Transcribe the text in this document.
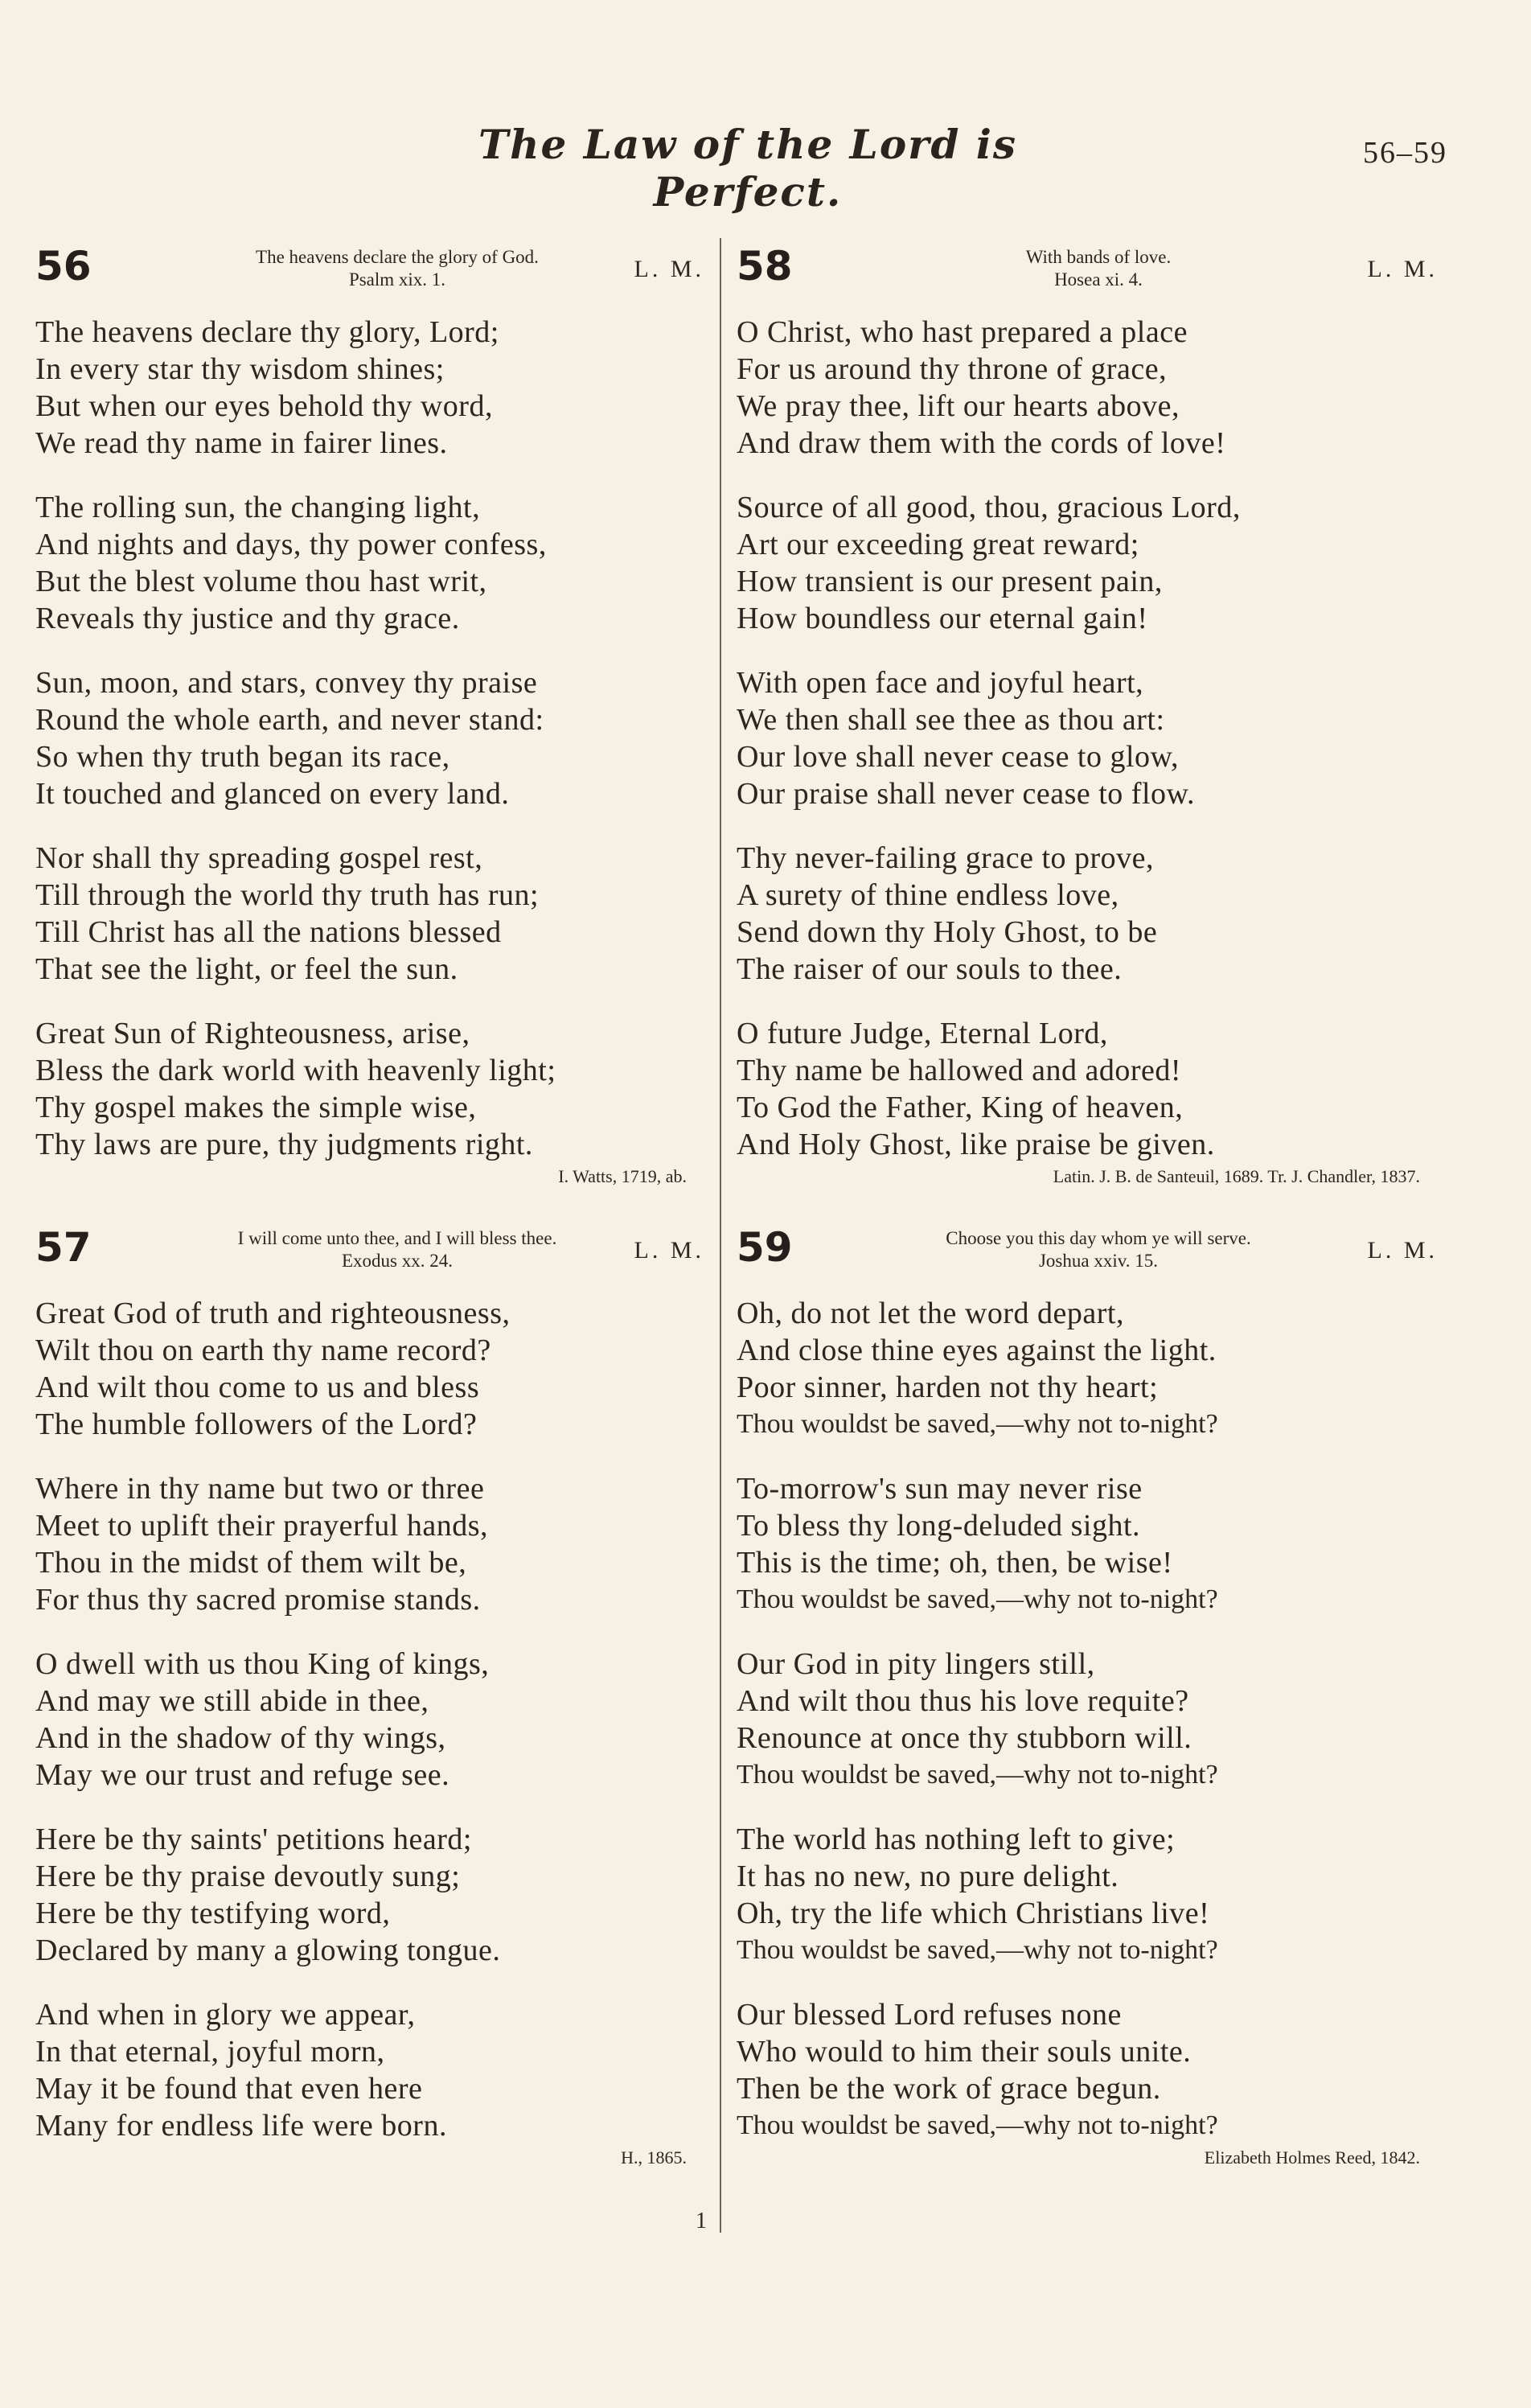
The Law of the Lord is Perfect.
56–59
56	The heavens declare the glory of God.
Psalm xix. 1.	L. M.
The heavens declare thy glory, Lord;
In every star thy wisdom shines;
But when our eyes behold thy word,
We read thy name in fairer lines.
The rolling sun, the changing light,
And nights and days, thy power confess,
But the blest volume thou hast writ,
Reveals thy justice and thy grace.
Sun, moon, and stars, convey thy praise
Round the whole earth, and never stand:
So when thy truth began its race,
It touched and glanced on every land.
Nor shall thy spreading gospel rest,
Till through the world thy truth has run;
Till Christ has all the nations blessed
That see the light, or feel the sun.
Great Sun of Righteousness, arise,
Bless the dark world with heavenly light;
Thy gospel makes the simple wise,
Thy laws are pure, thy judgments right.
I. Watts, 1719, ab.
57	I will come unto thee, and I will bless thee.
Exodus xx. 24.	L. M.
Great God of truth and righteousness,
Wilt thou on earth thy name record?
And wilt thou come to us and bless
The humble followers of the Lord?
Where in thy name but two or three
Meet to uplift their prayerful hands,
Thou in the midst of them wilt be,
For thus thy sacred promise stands.
O dwell with us thou King of kings,
And may we still abide in thee,
And in the shadow of thy wings,
May we our trust and refuge see.
Here be thy saints' petitions heard;
Here be thy praise devoutly sung;
Here be thy testifying word,
Declared by many a glowing tongue.
And when in glory we appear,
In that eternal, joyful morn,
May it be found that even here
Many for endless life were born.
H., 1865.
58	With bands of love.
Hosea xi. 4.	L. M.
O Christ, who hast prepared a place
For us around thy throne of grace,
We pray thee, lift our hearts above,
And draw them with the cords of love!
Source of all good, thou, gracious Lord,
Art our exceeding great reward;
How transient is our present pain,
How boundless our eternal gain!
With open face and joyful heart,
We then shall see thee as thou art:
Our love shall never cease to glow,
Our praise shall never cease to flow.
Thy never-failing grace to prove,
A surety of thine endless love,
Send down thy Holy Ghost, to be
The raiser of our souls to thee.
O future Judge, Eternal Lord,
Thy name be hallowed and adored!
To God the Father, King of heaven,
And Holy Ghost, like praise be given.
Latin. J. B. de Santeuil, 1689. Tr. J. Chandler, 1837.
59	Choose you this day whom ye will serve.
Joshua xxiv. 15.	L. M.
Oh, do not let the word depart,
And close thine eyes against the light.
Poor sinner, harden not thy heart;
Thou wouldst be saved,—why not to-night?
To-morrow's sun may never rise
To bless thy long-deluded sight.
This is the time; oh, then, be wise!
Thou wouldst be saved,—why not to-night?
Our God in pity lingers still,
And wilt thou thus his love requite?
Renounce at once thy stubborn will.
Thou wouldst be saved,—why not to-night?
The world has nothing left to give;
It has no new, no pure delight.
Oh, try the life which Christians live!
Thou wouldst be saved,—why not to-night?
Our blessed Lord refuses none
Who would to him their souls unite.
Then be the work of grace begun.
Thou wouldst be saved,—why not to-night?
Elizabeth Holmes Reed, 1842.
1
